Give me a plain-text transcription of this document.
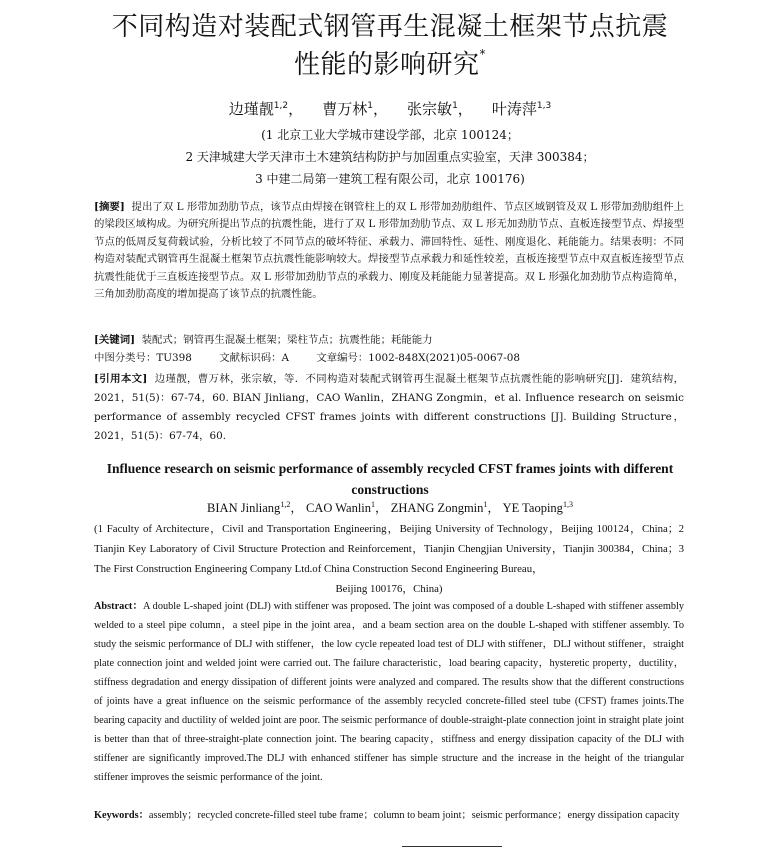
不同构造对装配式钢管再生混凝土框架节点抗震
性能的影响研究*
边瑾靓$^{1,2}$， 曹万林$^1$， 张宗敏$^1$， 叶涛萍$^{1,3}$
(1 北京工业大学城市建设学部，北京 100124；
2 天津城建大学天津市土木建筑结构防护与加固重点实验室，天津 300384；
3 中建二局第一建筑工程有限公司，北京 100176)
[摘要] 提出了双 L 形带加劲肋节点，该节点由焊接在钢管柱上的双 L 形带加劲肋组件、节点区域钢管及双 L 形带加劲肋组件上的梁段区域构成。为研究所提出节点的抗震性能，进行了双 L 形带加劲肋节点、双 L 形无加劲肋节点、直板连接型节点、焊接型节点的低周反复荷载试验，分析比较了不同节点的破坏特征、承载力、滞回特性、延性、刚度退化、耗能能力。结果表明：不同构造对装配式钢管再生混凝土框架节点抗震性能影响较大。焊接型节点承载力和延性较差，直板连接型节点中双直板连接型节点抗震性能优于三直板连接型节点。双 L 形带加劲肋节点的承载力、刚度及耗能能力显著提高。双 L 形强化加劲肋节点构造简单，三角加劲肋高度的增加提高了该节点的抗震性能。
[关键词] 装配式；钢管再生混凝土框架；梁柱节点；抗震性能；耗能能力
中图分类号：TU398	文献标识码：A	文章编号：1002-848X(2021)05-0067-08
[引用本文] 边瑾靓，曹万林，张宗敏，等．不同构造对装配式钢管再生混凝土框架节点抗震性能的影响研究[J]．建筑结构，2021，51(5)：67-74，60. BIAN Jinliang，CAO Wanlin，ZHANG Zongmin，et al. Influence research on seismic performance of assembly recycled CFST frames joints with different constructions [J]. Building Structure，2021，51(5)：67-74，60.
Influence research on seismic performance of assembly recycled CFST frames joints with different constructions
BIAN Jinliang$^{1,2}$， CAO Wanlin$^1$， ZHANG Zongmin$^1$， YE Taoping$^{1,3}$
(1 Faculty of Architecture，Civil and Transportation Engineering，Beijing University of Technology，Beijing 100124，China；2 Tianjin Key Laboratory of Civil Structure Protection and Reinforcement，Tianjin Chengjian University，Tianjin 300384，China；3 The First Construction Engineering Company Ltd.of China Construction Second Engineering Bureau，
Beijing 100176，China)
Abstract：A double L-shaped joint (DLJ) with stiffener was proposed. The joint was composed of a double L-shaped with stiffener assembly welded to a steel pipe column，a steel pipe in the joint area，and a beam section area on the double L-shaped with stiffener assembly. To study the seismic performance of DLJ with stiffener，the low cycle repeated load test of DLJ with stiffener，DLJ without stiffener，straight plate connection joint and welded joint were carried out. The failure characteristic，load bearing capacity，hysteretic property，ductility，stiffness degradation and energy dissipation of different joints were analyzed and compared. The results show that the different constructions of joints have a great influence on the seismic performance of the assembly recycled concrete-filled steel tube (CFST) frames joints.The bearing capacity and ductility of welded joint are poor. The seismic performance of double-straight-plate connection joint in straight plate joint is better than that of three-straight-plate connection joint. The bearing capacity，stiffness and energy dissipation capacity of the DLJ with stiffener are significantly improved.The DLJ with enhanced stiffener has simple structure and the increase in the height of the triangular stiffener improves the seismic performance of the joint.
Keywords：assembly；recycled concrete-filled steel tube frame；column to beam joint；seismic performance；energy dissipation capacity
